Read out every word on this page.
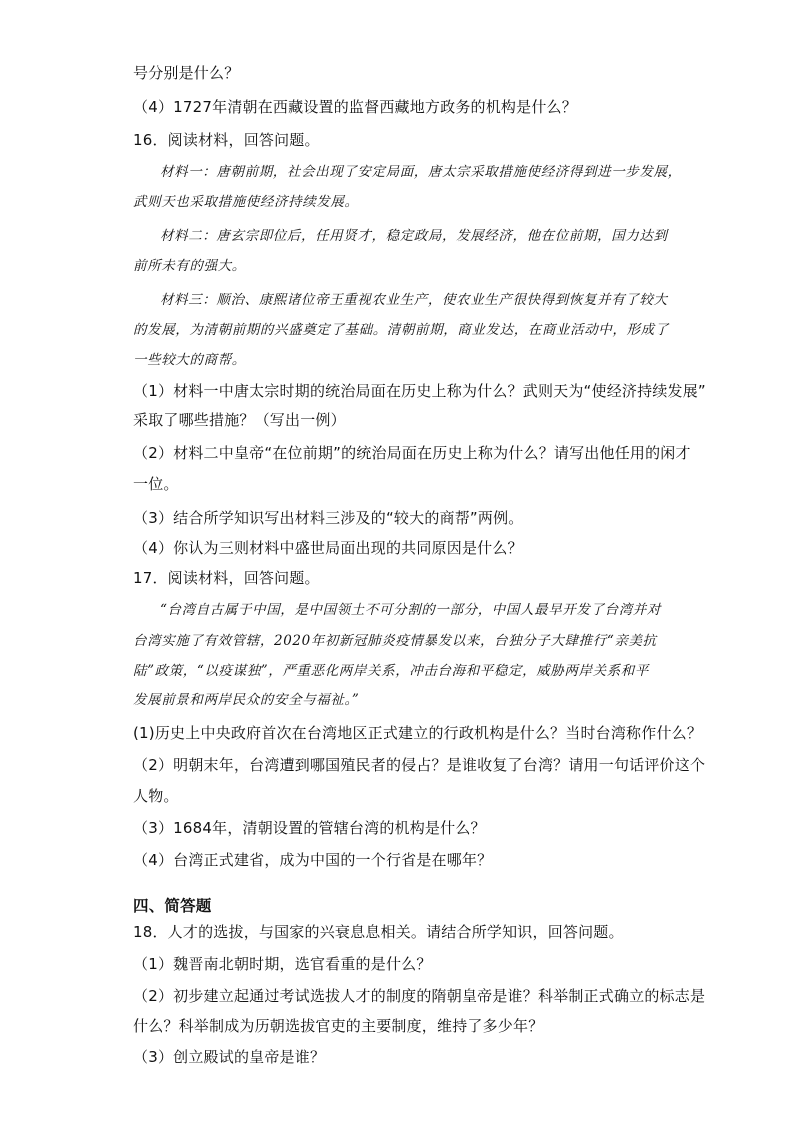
号分别是什么？
（4）1727年清朝在西藏设置的监督西藏地方政务的机构是什么？
16．阅读材料，回答问题。
材料一：唐朝前期，社会出现了安定局面，唐太宗采取措施使经济得到进一步发展，
武则天也采取措施使经济持续发展。
材料二：唐玄宗即位后，任用贤才，稳定政局，发展经济，他在位前期，国力达到
前所未有的强大。
材料三：顺治、康熙诸位帝王重视农业生产，使农业生产很快得到恢复并有了较大
的发展，为清朝前期的兴盛奠定了基础。清朝前期，商业发达，在商业活动中，形成了
一些较大的商帮。
（1）材料一中唐太宗时期的统治局面在历史上称为什么？武则天为“使经济持续发展”
采取了哪些措施？（写出一例）
（2）材料二中皇帝“在位前期”的统治局面在历史上称为什么？请写出他任用的闲才
一位。
（3）结合所学知识写出材料三涉及的“较大的商帮”两例。
（4）你认为三则材料中盛世局面出现的共同原因是什么？
17．阅读材料，回答问题。
“台湾自古属于中国，是中国领土不可分割的一部分，中国人最早开发了台湾并对
台湾实施了有效管辖，2020年初新冠肺炎疫情暴发以来，台独分子大肆推行“亲美抗
陆”政策，“以疫谋独”，严重恶化两岸关系，冲击台海和平稳定，威胁两岸关系和平
发展前景和两岸民众的安全与福祉。”
(1)历史上中央政府首次在台湾地区正式建立的行政机构是什么？当时台湾称作什么？
（2）明朝末年，台湾遭到哪国殖民者的侵占？是谁收复了台湾？请用一句话评价这个
人物。
（3）1684年，清朝设置的管辖台湾的机构是什么？
（4）台湾正式建省，成为中国的一个行省是在哪年？
四、简答题
18．人才的选拔，与国家的兴衰息息相关。请结合所学知识，回答问题。
（1）魏晋南北朝时期，选官看重的是什么？
（2）初步建立起通过考试选拔人才的制度的隋朝皇帝是谁？科举制正式确立的标志是
什么？科举制成为历朝选拔官吏的主要制度，维持了多少年？
（3）创立殿试的皇帝是谁？
